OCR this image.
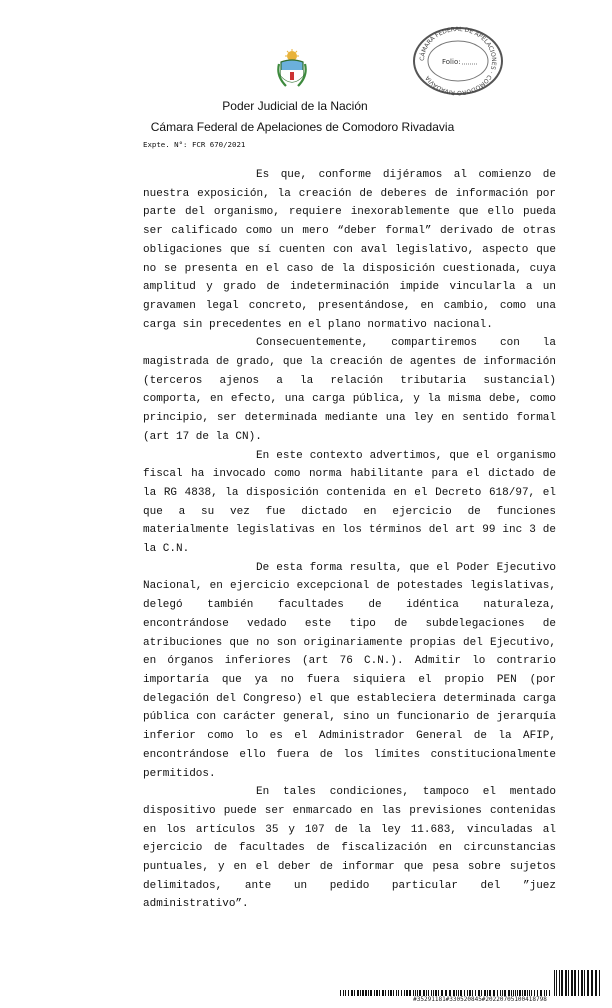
CÁMARA FEDERAL DE APELACIONES · COMODORO RIVADAVIA
Folio:
Poder Judicial de la Nación
Cámara Federal de Apelaciones de Comodoro Rivadavia
Expte. N°: FCR 670/2021

Es que, conforme dijéramos al comienzo de nuestra exposición, la creación de deberes de información por parte del organismo, requiere inexorablemente que ello pueda ser calificado como un mero “deber formal” derivado de otras obligaciones que sí cuenten con aval legislativo, aspecto que no se presenta en el caso de la disposición cuestionada, cuya amplitud y grado de indeterminación impide vincularla a un gravamen legal concreto, presentándose, en cambio, como una carga sin precedentes en el plano normativo nacional.

Consecuentemente, compartiremos con la magistrada de grado, que la creación de agentes de información (terceros ajenos a la relación tributaria sustancial) comporta, en efecto, una carga pública, y la misma debe, como principio, ser determinada mediante una ley en sentido formal (art 17 de la CN).

En este contexto advertimos, que el organismo fiscal ha invocado como norma habilitante para el dictado de la RG 4838, la disposición contenida en el Decreto 618/97, el que a su vez fue dictado en ejercicio de funciones materialmente legislativas en los términos del art 99 inc 3 de la C.N.

De esta forma resulta, que el Poder Ejecutivo Nacional, en ejercicio excepcional de potestades legislativas, delegó también facultades de idéntica naturaleza, encontrándose vedado este tipo de subdelegaciones de atribuciones que no son originariamente propias del Ejecutivo, en órganos inferiores (art 76 C.N.). Admitir lo contrario importaría que ya no fuera siquiera el propio PEN (por delegación del Congreso) el que estableciera determinada carga pública con carácter general, sino un funcionario de jerarquía inferior como lo es el Administrador General de la AFIP, encontrándose ello fuera de los límites constitucionalmente permitidos.

En tales condiciones, tampoco el mentado dispositivo puede ser enmarcado en las previsiones contenidas en los artículos 35 y 107 de la ley 11.683, vinculadas al ejercicio de facultades de fiscalización en circunstancias puntuales, y en el deber de informar que pesa sobre sujetos delimitados, ante un pedido particular del ”juez administrativo”.

#35291181#330520845#20220705100418798
